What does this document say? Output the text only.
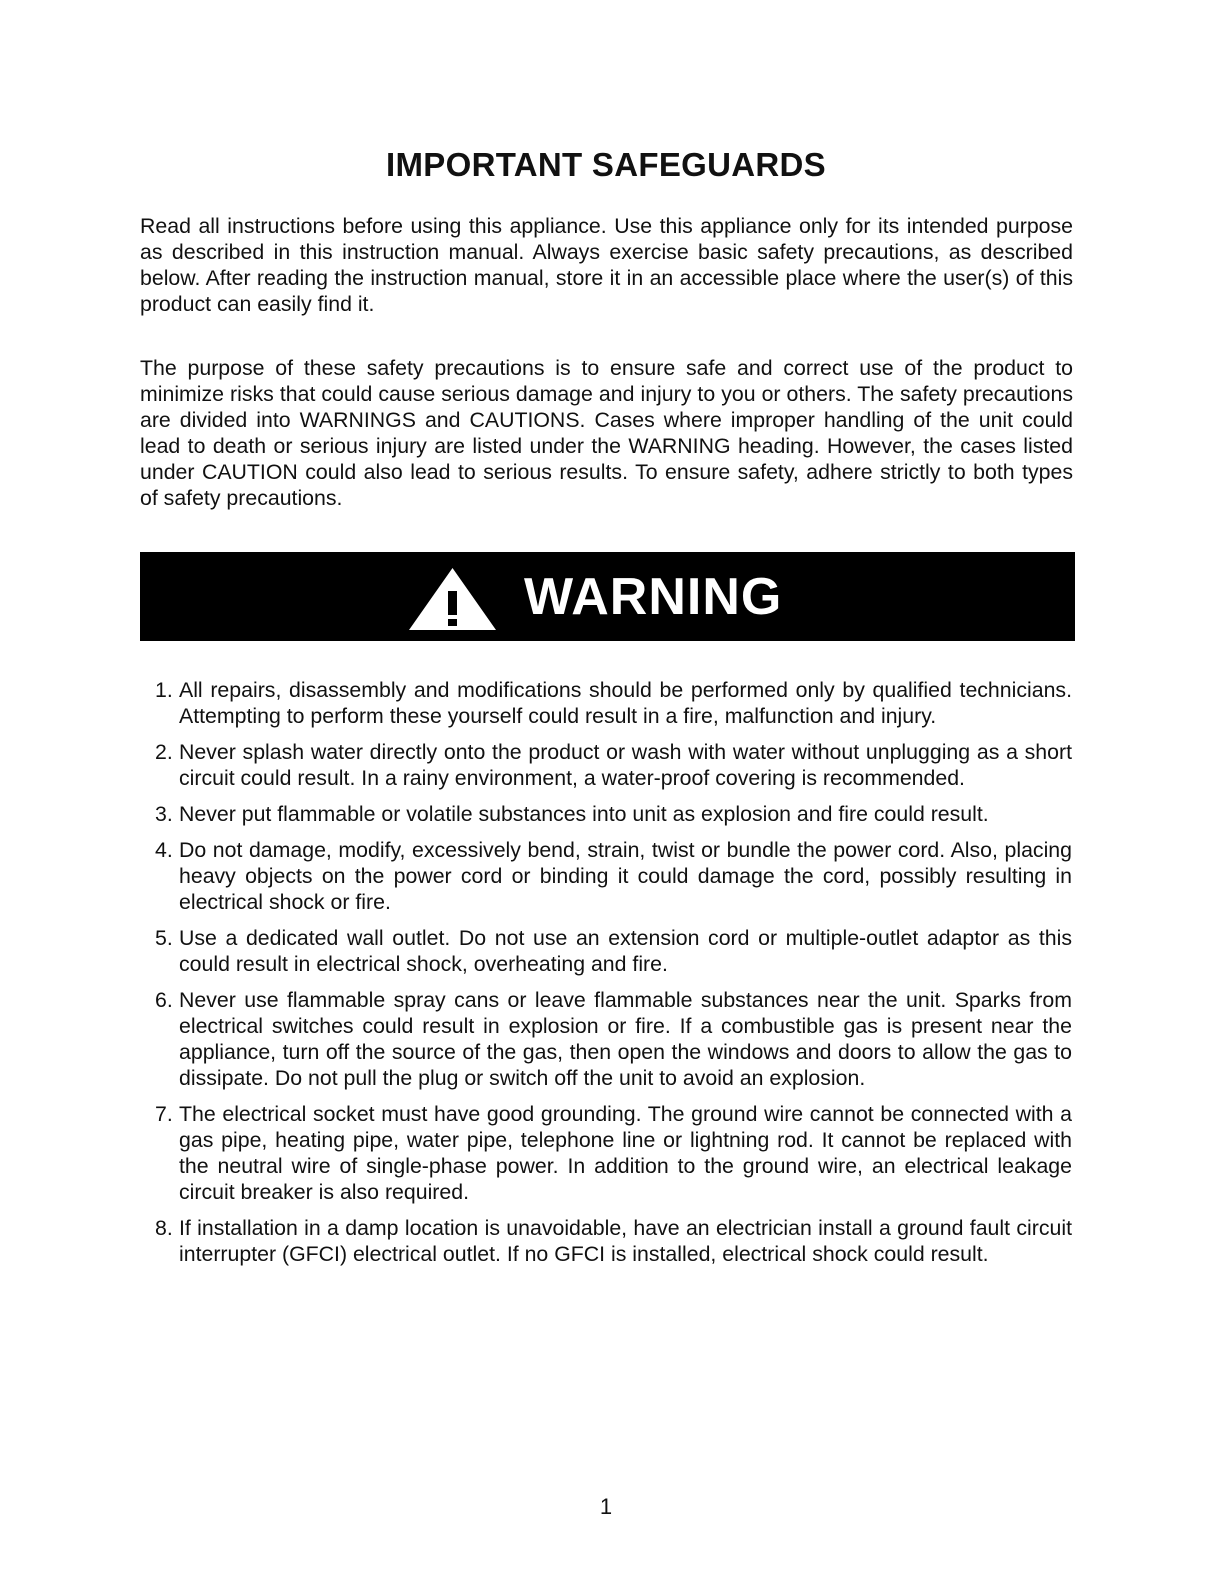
IMPORTANT SAFEGUARDS

Read all instructions before using this appliance. Use this appliance only for its intended purpose as described in this instruction manual. Always exercise basic safety precautions, as described below. After reading the instruction manual, store it in an accessible place where the user(s) of this product can easily find it.

The purpose of these safety precautions is to ensure safe and correct use of the product to minimize risks that could cause serious damage and injury to you or others. The safety precautions are divided into WARNINGS and CAUTIONS. Cases where improper handling of the unit could lead to death or serious injury are listed under the WARNING heading. However, the cases listed under CAUTION could also lead to serious results. To ensure safety, adhere strictly to both types of safety precautions.

WARNING
1. All repairs, disassembly and modifications should be performed only by qualified technicians. Attempting to perform these yourself could result in a fire, malfunction and injury.
2. Never splash water directly onto the product or wash with water without unplugging as a short circuit could result. In a rainy environment, a water-proof covering is recommended.
3. Never put flammable or volatile substances into unit as explosion and fire could result.
4. Do not damage, modify, excessively bend, strain, twist or bundle the power cord. Also, placing heavy objects on the power cord or binding it could damage the cord, possibly resulting in electrical shock or fire.
5. Use a dedicated wall outlet. Do not use an extension cord or multiple-outlet adaptor as this could result in electrical shock, overheating and fire.
6. Never use flammable spray cans or leave flammable substances near the unit. Sparks from electrical switches could result in explosion or fire. If a combustible gas is present near the appliance, turn off the source of the gas, then open the windows and doors to allow the gas to dissipate. Do not pull the plug or switch off the unit to avoid an explosion.
7. The electrical socket must have good grounding. The ground wire cannot be connected with a gas pipe, heating pipe, water pipe, telephone line or lightning rod. It cannot be replaced with the neutral wire of single-phase power. In addition to the ground wire, an electrical leakage circuit breaker is also required.
8. If installation in a damp location is unavoidable, have an electrician install a ground fault circuit interrupter (GFCI) electrical outlet. If no GFCI is installed, electrical shock could result.

1
